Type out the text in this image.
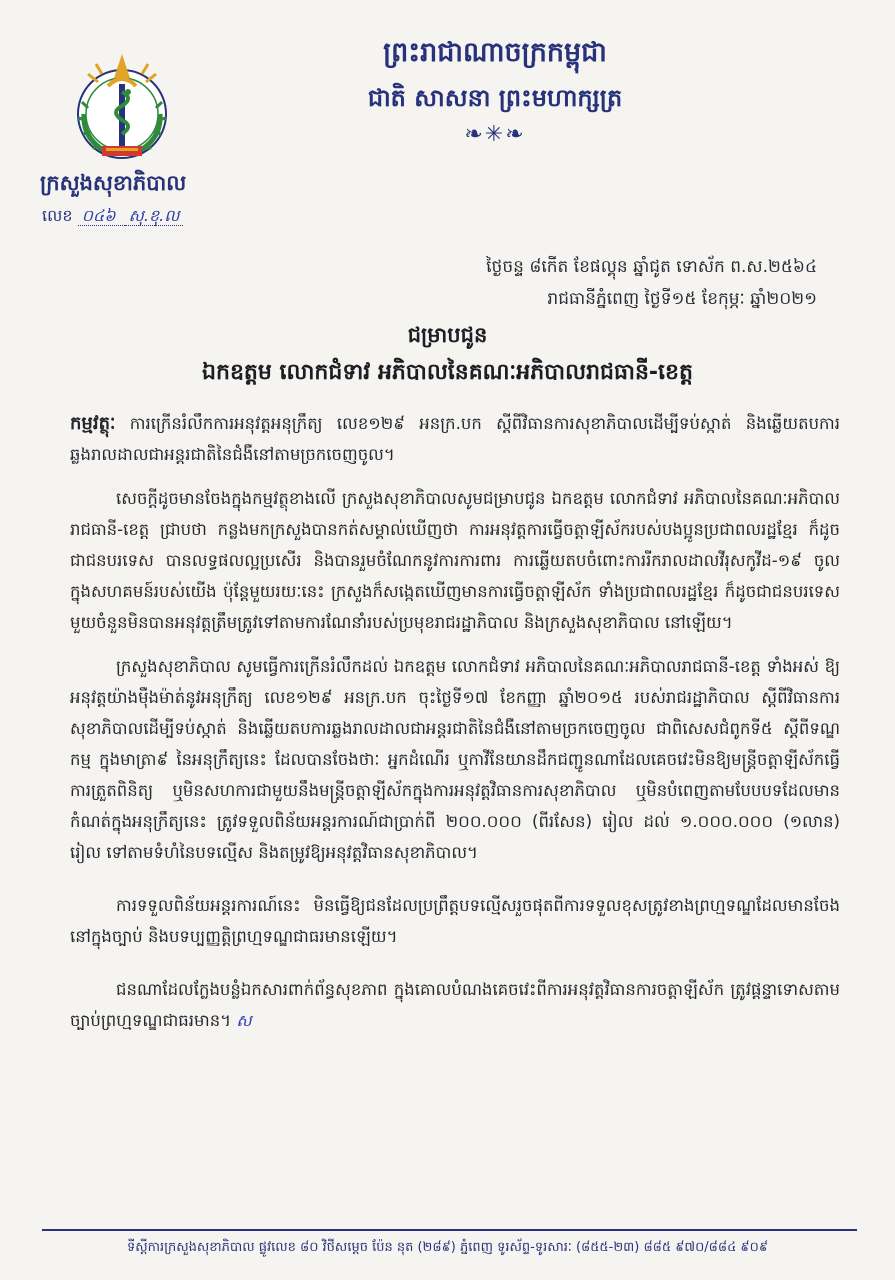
ក្រសួងសុខាភិបាល
លេខ ០៤៦ សុ.ខុ.ល
ព្រះរាជាណាចក្រកម្ពុជា
ជាតិ សាសនា ព្រះមហាក្សត្រ
❧✳❧
ថ្ងៃចន្ទ ៨កើត ខែផល្គុន ឆ្នាំជូត ទោស័ក ព.ស.២៥៦៤
រាជធានីភ្នំពេញ ថ្ងៃទី១៥ ខែកុម្ភៈ ឆ្នាំ២០២១
ជម្រាបជូន
ឯកឧត្តម លោកជំទាវ អភិបាលនៃគណៈអភិបាលរាជធានី-ខេត្ត

កម្មវត្ថុៈ ការក្រើនរំលឹកការអនុវត្តអនុក្រឹត្យ លេខ១២៩ អនក្រ.បក ស្តីពីវិធានការសុខាភិបាលដើម្បីទប់ស្កាត់ និងឆ្លើយតបការឆ្លងរាលដាលជាអន្តរជាតិនៃជំងឺនៅតាមច្រកចេញចូល។

សេចក្តីដូចមានចែងក្នុងកម្មវត្ថុខាងលើ ក្រសួងសុខាភិបាលសូមជម្រាបជូន ឯកឧត្តម លោកជំទាវ អភិបាលនៃគណៈអភិបាលរាជធានី-ខេត្ត ជ្រាបថា កន្លងមកក្រសួងបានកត់សម្គាល់ឃើញថា ការអនុវត្តការធ្វើចត្តាឡីស័ករបស់បងប្អូនប្រជាពលរដ្ឋខ្មែរ ក៏ដូចជាជនបរទេស បានលទ្ធផលល្អប្រសើរ និងបានរួមចំណែកនូវការការពារ ការឆ្លើយតបចំពោះការរីករាលដាលវីរុសកូវីដ-១៩ ចូលក្នុងសហគមន៍របស់យើង ប៉ុន្តែមួយរយៈនេះ ក្រសួងក៏សង្កេតឃើញមានការធ្វើចត្តាឡីស័ក ទាំងប្រជាពលរដ្ឋខ្មែរ ក៏ដូចជាជនបរទេស មួយចំនួនមិនបានអនុវត្តត្រឹមត្រូវទៅតាមការណែនាំរបស់ប្រមុខរាជរដ្ឋាភិបាល និងក្រសួងសុខាភិបាល នៅឡើយ។

ក្រសួងសុខាភិបាល សូមធ្វើការក្រើនរំលឹកដល់ ឯកឧត្តម លោកជំទាវ អភិបាលនៃគណៈអភិបាលរាជធានី-ខេត្ត ទាំងអស់ ឱ្យអនុវត្តយ៉ាងម៉ឺងម៉ាត់នូវអនុក្រឹត្យ លេខ១២៩ អនក្រ.បក ចុះថ្ងៃទី១៧ ខែកញ្ញា ឆ្នាំ២០១៥ របស់រាជរដ្ឋាភិបាល ស្តីពីវិធានការសុខាភិបាលដើម្បីទប់ស្កាត់ និងឆ្លើយតបការឆ្លងរាលដាលជាអន្តរជាតិនៃជំងឺនៅតាមច្រកចេញចូល ជាពិសេសជំពូកទី៥ ស្តីពីទណ្ឌកម្ម ក្នុងមាត្រា៩ នៃអនុក្រឹត្យនេះ ដែលបានចែងថាៈ អ្នកដំណើរ ឬកាវីនែយានដឹកជញ្ជូនណាដែលគេចវេះមិនឱ្យមន្ត្រីចត្តាឡីស័កធ្វើការត្រួតពិនិត្យ ឬមិនសហការជាមួយនឹងមន្ត្រីចត្តាឡីស័កក្នុងការអនុវត្តវិធានការសុខាភិបាល ឬមិនបំពេញតាមបែបបទដែលមានកំណត់ក្នុងអនុក្រឹត្យនេះ ត្រូវទទួលពិន័យអន្តរការណ៍ជាប្រាក់ពី ២០០.០០០ (ពីរសែន) រៀល ដល់ ១.០០០.០០០ (១លាន) រៀល ទៅតាមទំហំនៃបទល្មើស និងតម្រូវឱ្យអនុវត្តវិធានសុខាភិបាល។

ការទទួលពិន័យអន្តរការណ៍នេះ មិនធ្វើឱ្យជនដែលប្រព្រឹត្តបទល្មើសរួចផុតពីការទទួលខុសត្រូវខាងព្រហ្មទណ្ឌដែលមានចែងនៅក្នុងច្បាប់ និងបទប្បញ្ញត្តិព្រហ្មទណ្ឌជាធរមានឡើយ។

ជនណាដែលក្លែងបន្លំឯកសារពាក់ព័ន្ធសុខភាព ក្នុងគោលបំណងគេចវេះពីការអនុវត្តវិធានការចត្តាឡីស័ក ត្រូវផ្តន្ទាទោសតាមច្បាប់ព្រហ្មទណ្ឌជាធរមាន។ ស

ទីស្តីការក្រសួងសុខាភិបាល ផ្លូវលេខ ៨០ វិថីសម្តេច ប៉ែន នុត (២៨៩) ភ្នំពេញ ទូរស័ព្ទ-ទូរសារៈ (៨៥៥-២៣) ៨៨៥ ៩៧០/៨៨៤ ៩០៩
